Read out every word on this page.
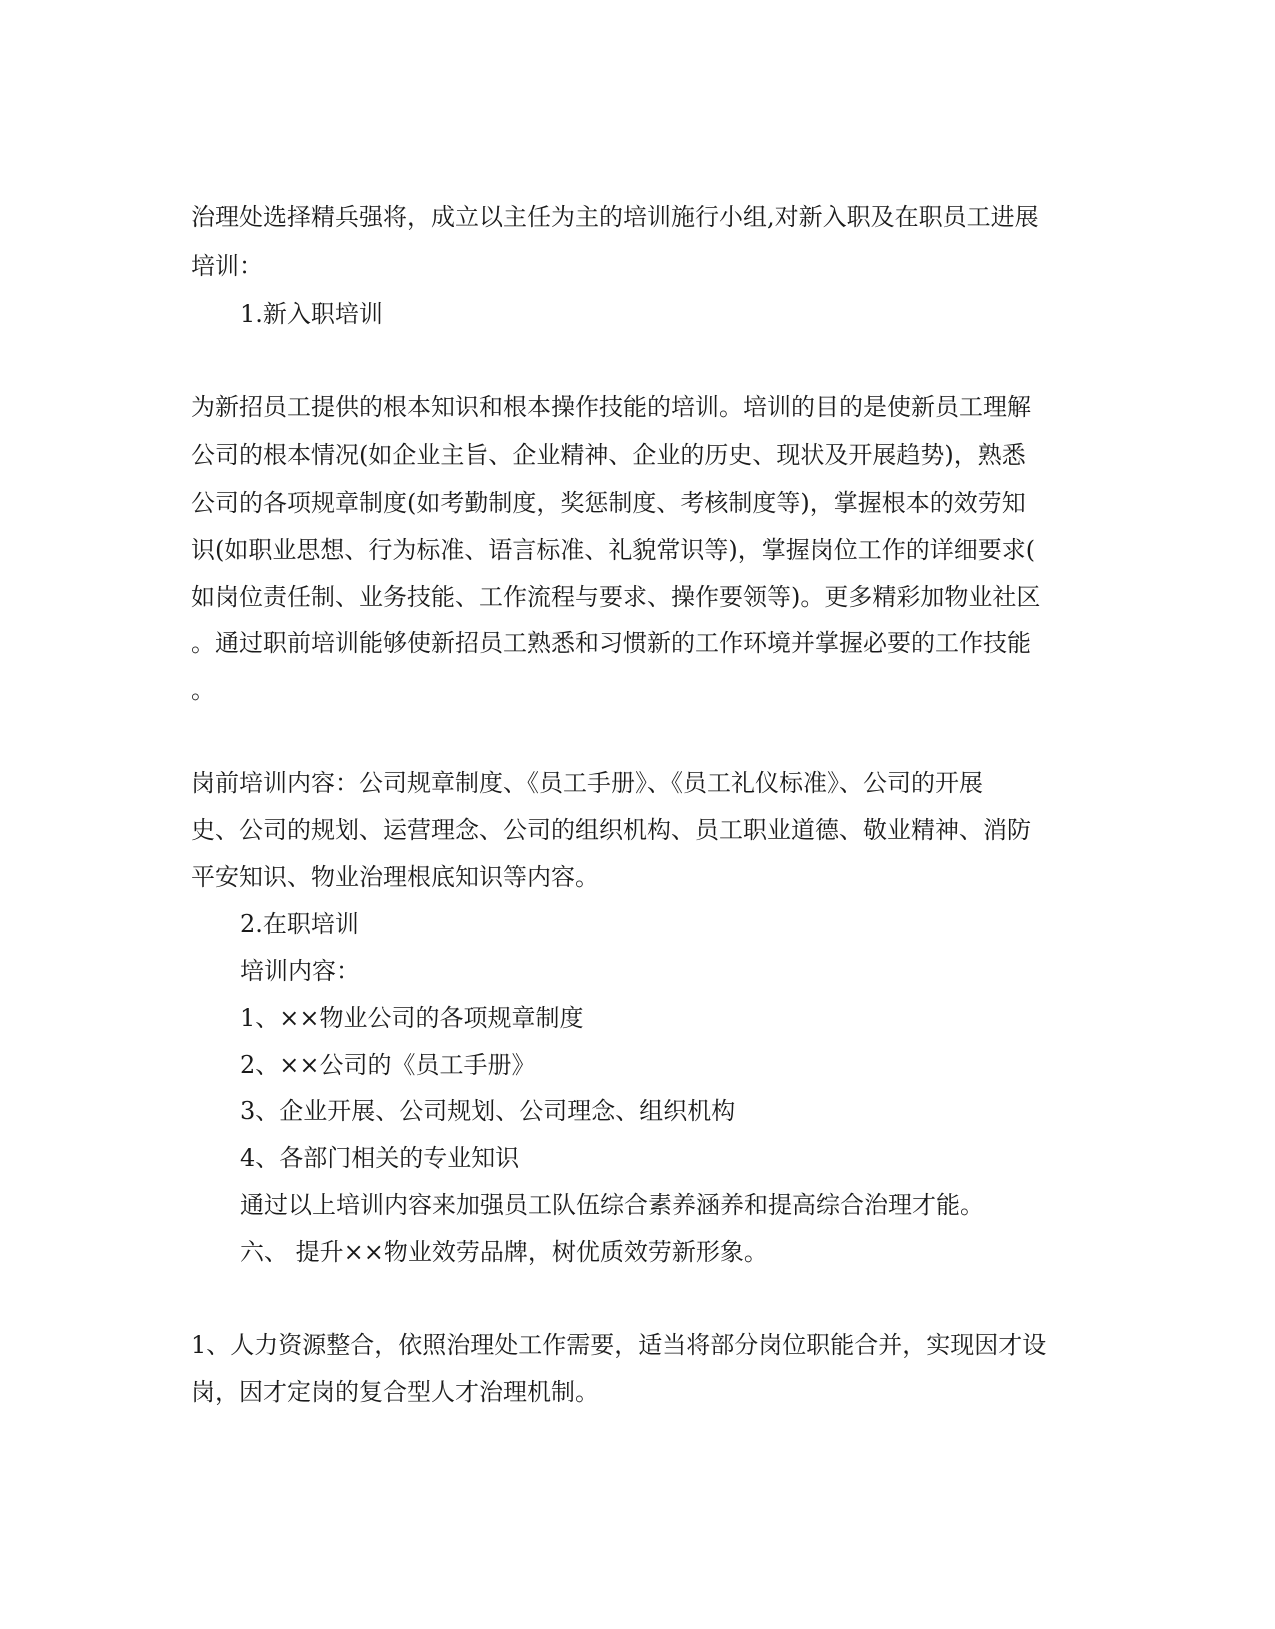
治理处选择精兵强将，成立以主任为主的培训施行小组,对新入职及在职员工进展
培训：
1.新入职培训
为新招员工提供的根本知识和根本操作技能的培训。培训的目的是使新员工理解
公司的根本情况(如企业主旨、企业精神、企业的历史、现状及开展趋势)，熟悉
公司的各项规章制度(如考勤制度，奖惩制度、考核制度等)，掌握根本的效劳知
识(如职业思想、行为标准、语言标准、礼貌常识等)，掌握岗位工作的详细要求(
如岗位责任制、业务技能、工作流程与要求、操作要领等)。更多精彩加物业社区
。通过职前培训能够使新招员工熟悉和习惯新的工作环境并掌握必要的工作技能
。
岗前培训内容：公司规章制度、《员工手册》、《员工礼仪标准》、公司的开展
史、公司的规划、运营理念、公司的组织机构、员工职业道德、敬业精神、消防
平安知识、物业治理根底知识等内容。
2.在职培训
培训内容：
1、××物业公司的各项规章制度
2、××公司的《员工手册》
3、企业开展、公司规划、公司理念、组织机构
4、各部门相关的专业知识
通过以上培训内容来加强员工队伍综合素养涵养和提高综合治理才能。
六、 提升××物业效劳品牌，树优质效劳新形象。
1、人力资源整合，依照治理处工作需要，适当将部分岗位职能合并，实现因才设
岗，因才定岗的复合型人才治理机制。
